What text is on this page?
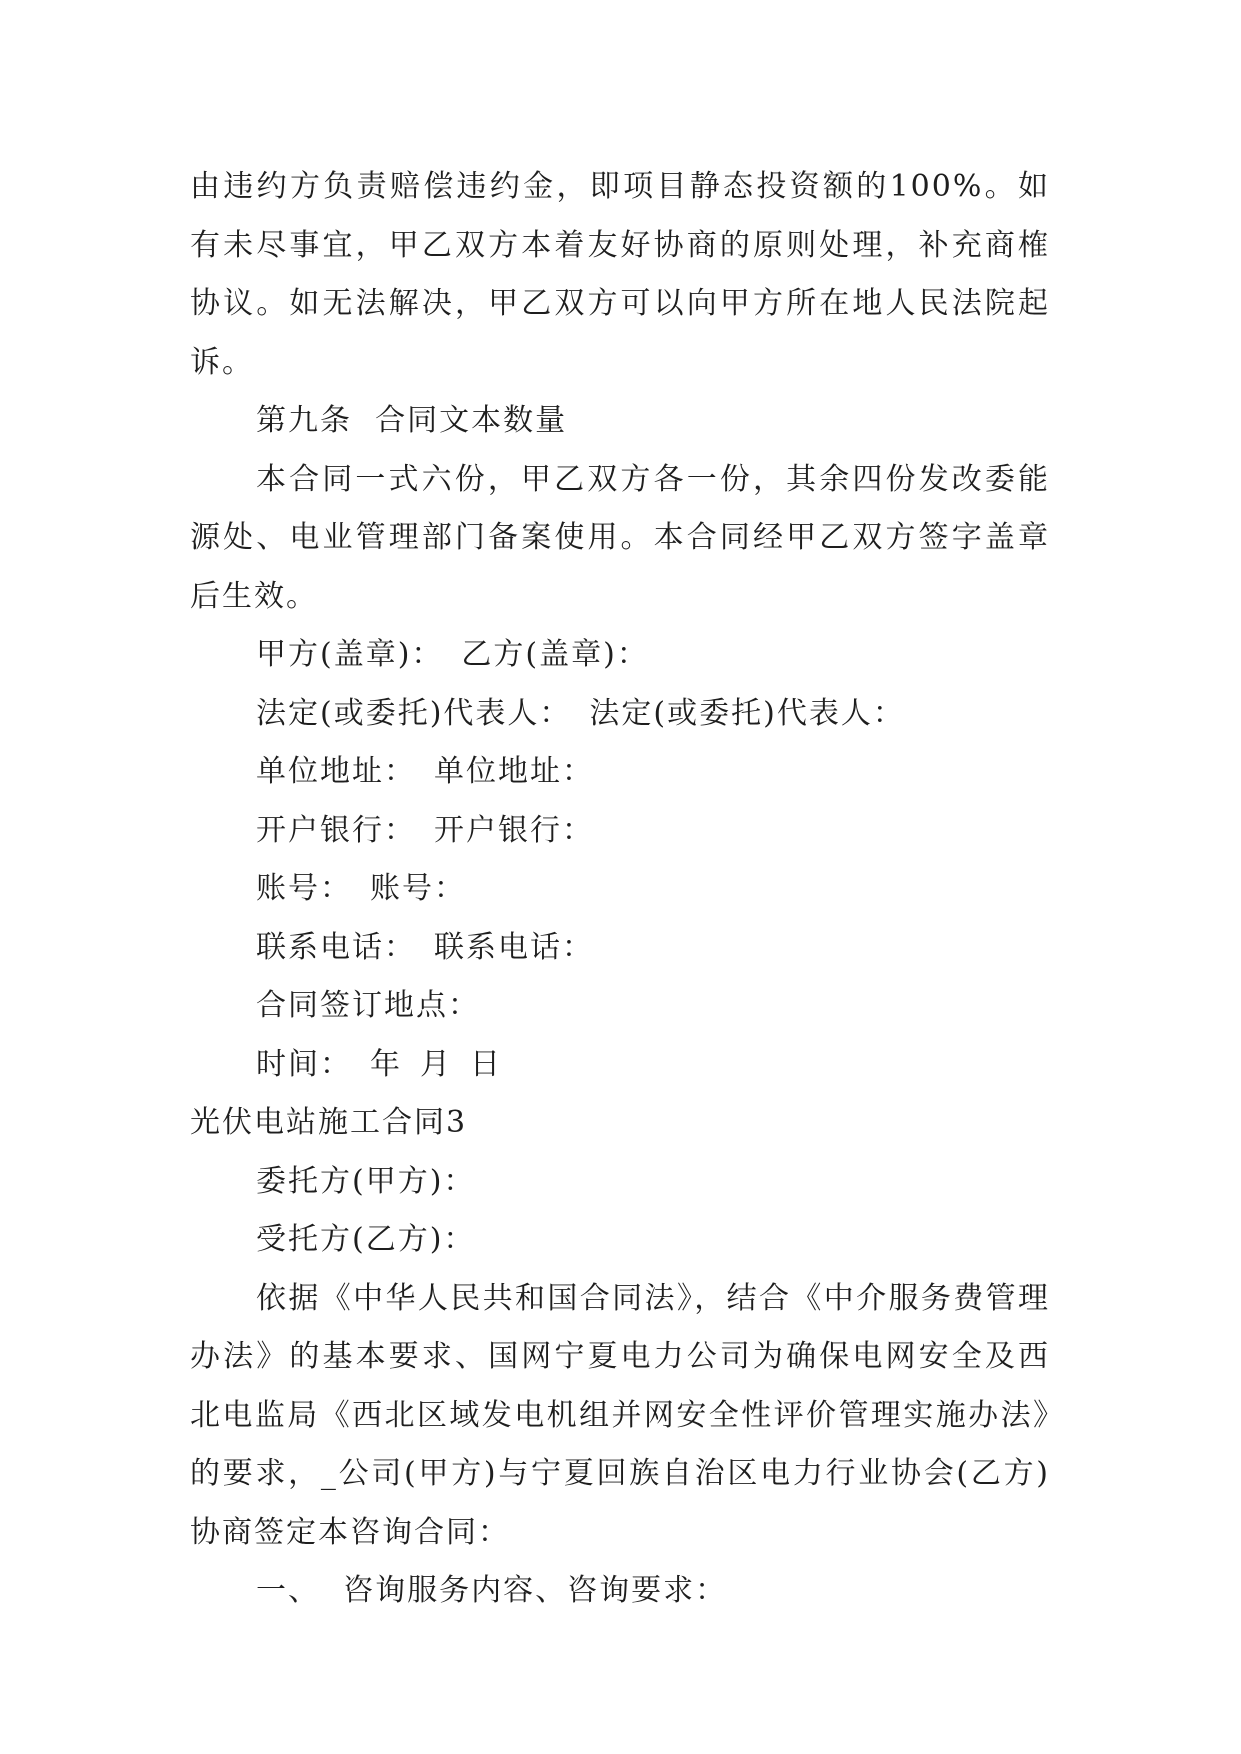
由违约方负责赔偿违约金，即项目静态投资额的100%。如有未尽事宜，甲乙双方本着友好协商的原则处理，补充商榷协议。如无法解决，甲乙双方可以向甲方所在地人民法院起诉。

第九条  合同文本数量

本合同一式六份，甲乙双方各一份，其余四份发改委能源处、电业管理部门备案使用。本合同经甲乙双方签字盖章后生效。

甲方(盖章)： 乙方(盖章)：

法定(或委托)代表人： 法定(或委托)代表人：

单位地址： 单位地址：

开户银行： 开户银行：

账号： 账号：

联系电话： 联系电话：

合同签订地点：

时间： 年 月 日

光伏电站施工合同3

委托方(甲方)：

受托方(乙方)：

依据《中华人民共和国合同法》，结合《中介服务费管理办法》的基本要求、国网宁夏电力公司为确保电网安全及西北电监局《西北区域发电机组并网安全性评价管理实施办法》的要求，_公司(甲方)与宁夏回族自治区电力行业协会(乙方)协商签定本咨询合同：

一、  咨询服务内容、咨询要求：
